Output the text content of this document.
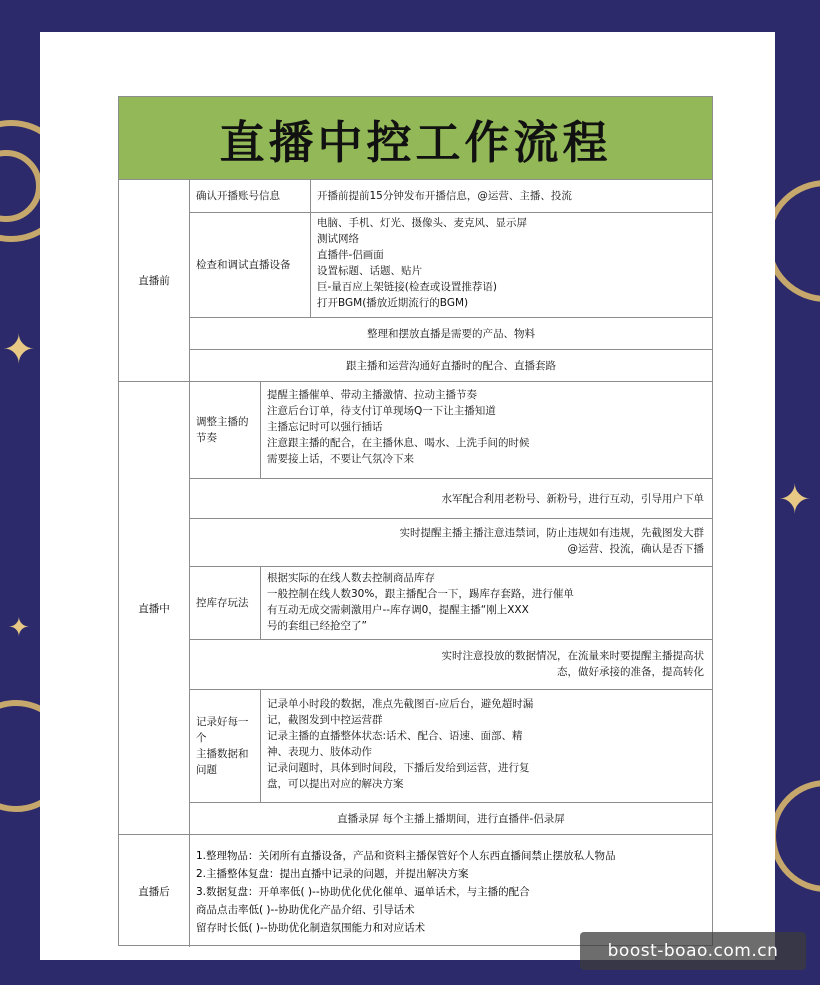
✦
✦
✦
直播中控工作流程
直播前
确认开播账号信息	开播前提前15分钟发布开播信息，@运营、主播、投流
检查和调试直播设备
电脑、手机、灯光、摄像头、麦克风、显示屏
测试网络
直播伴-侣画面
设置标题、话题、贴片
巨-量百应上架链接(检查或设置推荐语)
打开BGM(播放近期流行的BGM)
整理和摆放直播是需要的产品、物料
跟主播和运营沟通好直播时的配合、直播套路
直播中
调整主播的
节奏
提醒主播催单、带动主播激情、拉动主播节奏
注意后台订单，待支付订单现场Q一下让主播知道
主播忘记时可以强行插话
注意跟主播的配合，在主播休息、喝水、上洗手间的时候
需要接上话，不要让气氛冷下来
水军配合利用老粉号、新粉号，进行互动，引导用户下单
实时提醒主播主播注意违禁词，防止违规如有违规，先截图发大群
@运营、投流，确认是否下播
控库存玩法
根据实际的在线人数去控制商品库存
一般控制在线人数30%，跟主播配合一下，踢库存套路，进行催单
有互动无成交需刺激用户--库存调0，提醒主播“刚上XXX
号的套组已经抢空了”
实时注意投放的数据情况，在流量来时要提醒主播提高状
态，做好承接的准备，提高转化
记录好每一
个
主播数据和
问题
记录单小时段的数据，准点先截图百-应后台，避免超时漏
记，截图发到中控运营群
记录主播的直播整体状态:话术、配合、语速、面部、精
神、表现力、肢体动作
记录问题时，具体到时间段，下播后发给到运营，进行复
盘，可以提出对应的解决方案
直播录屏 每个主播上播期间，进行直播伴-侣录屏
直播后
1.整理物品：关闭所有直播设备，产品和资料主播保管好个人东西直播间禁止摆放私人物品
2.主播整体复盘：提出直播中记录的问题，并提出解决方案
3.数据复盘：开单率低( )--协助优化优化催单、逼单话术，与主播的配合
商品点击率低( )--协助优化产品介绍、引导话术
留存时长低( )--协助优化制造氛围能力和对应话术
boost-boao.com.cn
